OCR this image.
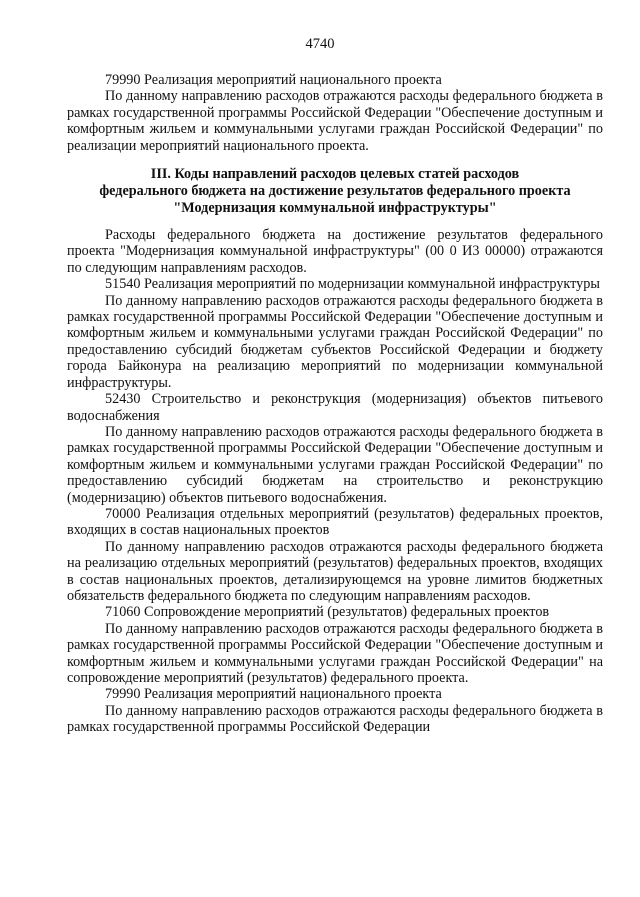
4740

79990 Реализация мероприятий национального проекта

По данному направлению расходов отражаются расходы федерального бюджета в рамках государственной программы Российской Федерации "Обеспечение доступным и комфортным жильем и коммунальными услугами граждан Российской Федерации" по реализации мероприятий национального проекта.

III. Коды направлений расходов целевых статей расходов
федерального бюджета на достижение результатов федерального проекта
"Модернизация коммунальной инфраструктуры"

Расходы федерального бюджета на достижение результатов федерального проекта "Модернизация коммунальной инфраструктуры" (00 0 И3 00000) отражаются по следующим направлениям расходов.

51540 Реализация мероприятий по модернизации коммунальной инфраструктуры

По данному направлению расходов отражаются расходы федерального бюджета в рамках государственной программы Российской Федерации "Обеспечение доступным и комфортным жильем и коммунальными услугами граждан Российской Федерации" по предоставлению субсидий бюджетам субъектов Российской Федерации и бюджету города Байконура на реализацию мероприятий по модернизации коммунальной инфраструктуры.

52430 Строительство и реконструкция (модернизация) объектов питьевого водоснабжения

По данному направлению расходов отражаются расходы федерального бюджета в рамках государственной программы Российской Федерации "Обеспечение доступным и комфортным жильем и коммунальными услугами граждан Российской Федерации" по предоставлению субсидий бюджетам на строительство и реконструкцию (модернизацию) объектов питьевого водоснабжения.

70000 Реализация отдельных мероприятий (результатов) федеральных проектов, входящих в состав национальных проектов

По данному направлению расходов отражаются расходы федерального бюджета на реализацию отдельных мероприятий (результатов) федеральных проектов, входящих в состав национальных проектов, детализирующемся на уровне лимитов бюджетных обязательств федерального бюджета по следующим направлениям расходов.

71060 Сопровождение мероприятий (результатов) федеральных проектов

По данному направлению расходов отражаются расходы федерального бюджета в рамках государственной программы Российской Федерации "Обеспечение доступным и комфортным жильем и коммунальными услугами граждан Российской Федерации" на сопровождение мероприятий (результатов) федерального проекта.

79990 Реализация мероприятий национального проекта

По данному направлению расходов отражаются расходы федерального бюджета в рамках государственной программы Российской Федерации
